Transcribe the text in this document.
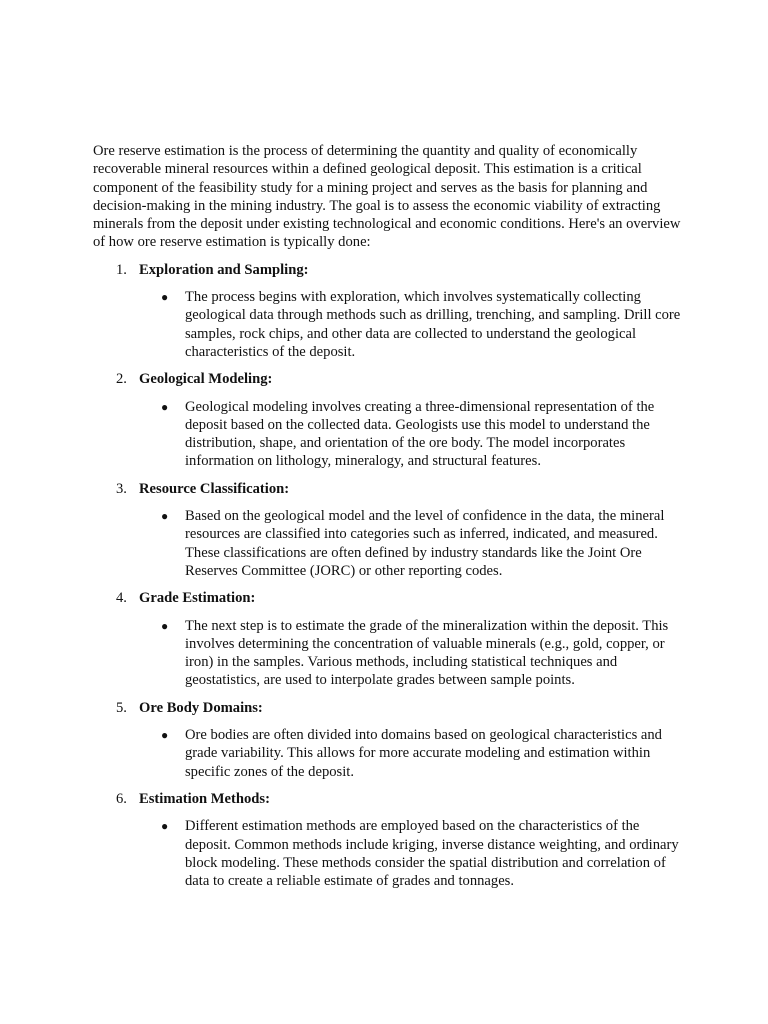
Ore reserve estimation is the process of determining the quantity and quality of economically recoverable mineral resources within a defined geological deposit. This estimation is a critical component of the feasibility study for a mining project and serves as the basis for planning and decision-making in the mining industry. The goal is to assess the economic viability of extracting minerals from the deposit under existing technological and economic conditions. Here's an overview of how ore reserve estimation is typically done:

1. Exploration and Sampling:
● The process begins with exploration, which involves systematically collecting geological data through methods such as drilling, trenching, and sampling. Drill core samples, rock chips, and other data are collected to understand the geological characteristics of the deposit.
2. Geological Modeling:
● Geological modeling involves creating a three-dimensional representation of the deposit based on the collected data. Geologists use this model to understand the distribution, shape, and orientation of the ore body. The model incorporates information on lithology, mineralogy, and structural features.
3. Resource Classification:
● Based on the geological model and the level of confidence in the data, the mineral resources are classified into categories such as inferred, indicated, and measured. These classifications are often defined by industry standards like the Joint Ore Reserves Committee (JORC) or other reporting codes.
4. Grade Estimation:
● The next step is to estimate the grade of the mineralization within the deposit. This involves determining the concentration of valuable minerals (e.g., gold, copper, or iron) in the samples. Various methods, including statistical techniques and geostatistics, are used to interpolate grades between sample points.
5. Ore Body Domains:
● Ore bodies are often divided into domains based on geological characteristics and grade variability. This allows for more accurate modeling and estimation within specific zones of the deposit.
6. Estimation Methods:
● Different estimation methods are employed based on the characteristics of the deposit. Common methods include kriging, inverse distance weighting, and ordinary block modeling. These methods consider the spatial distribution and correlation of data to create a reliable estimate of grades and tonnages.
